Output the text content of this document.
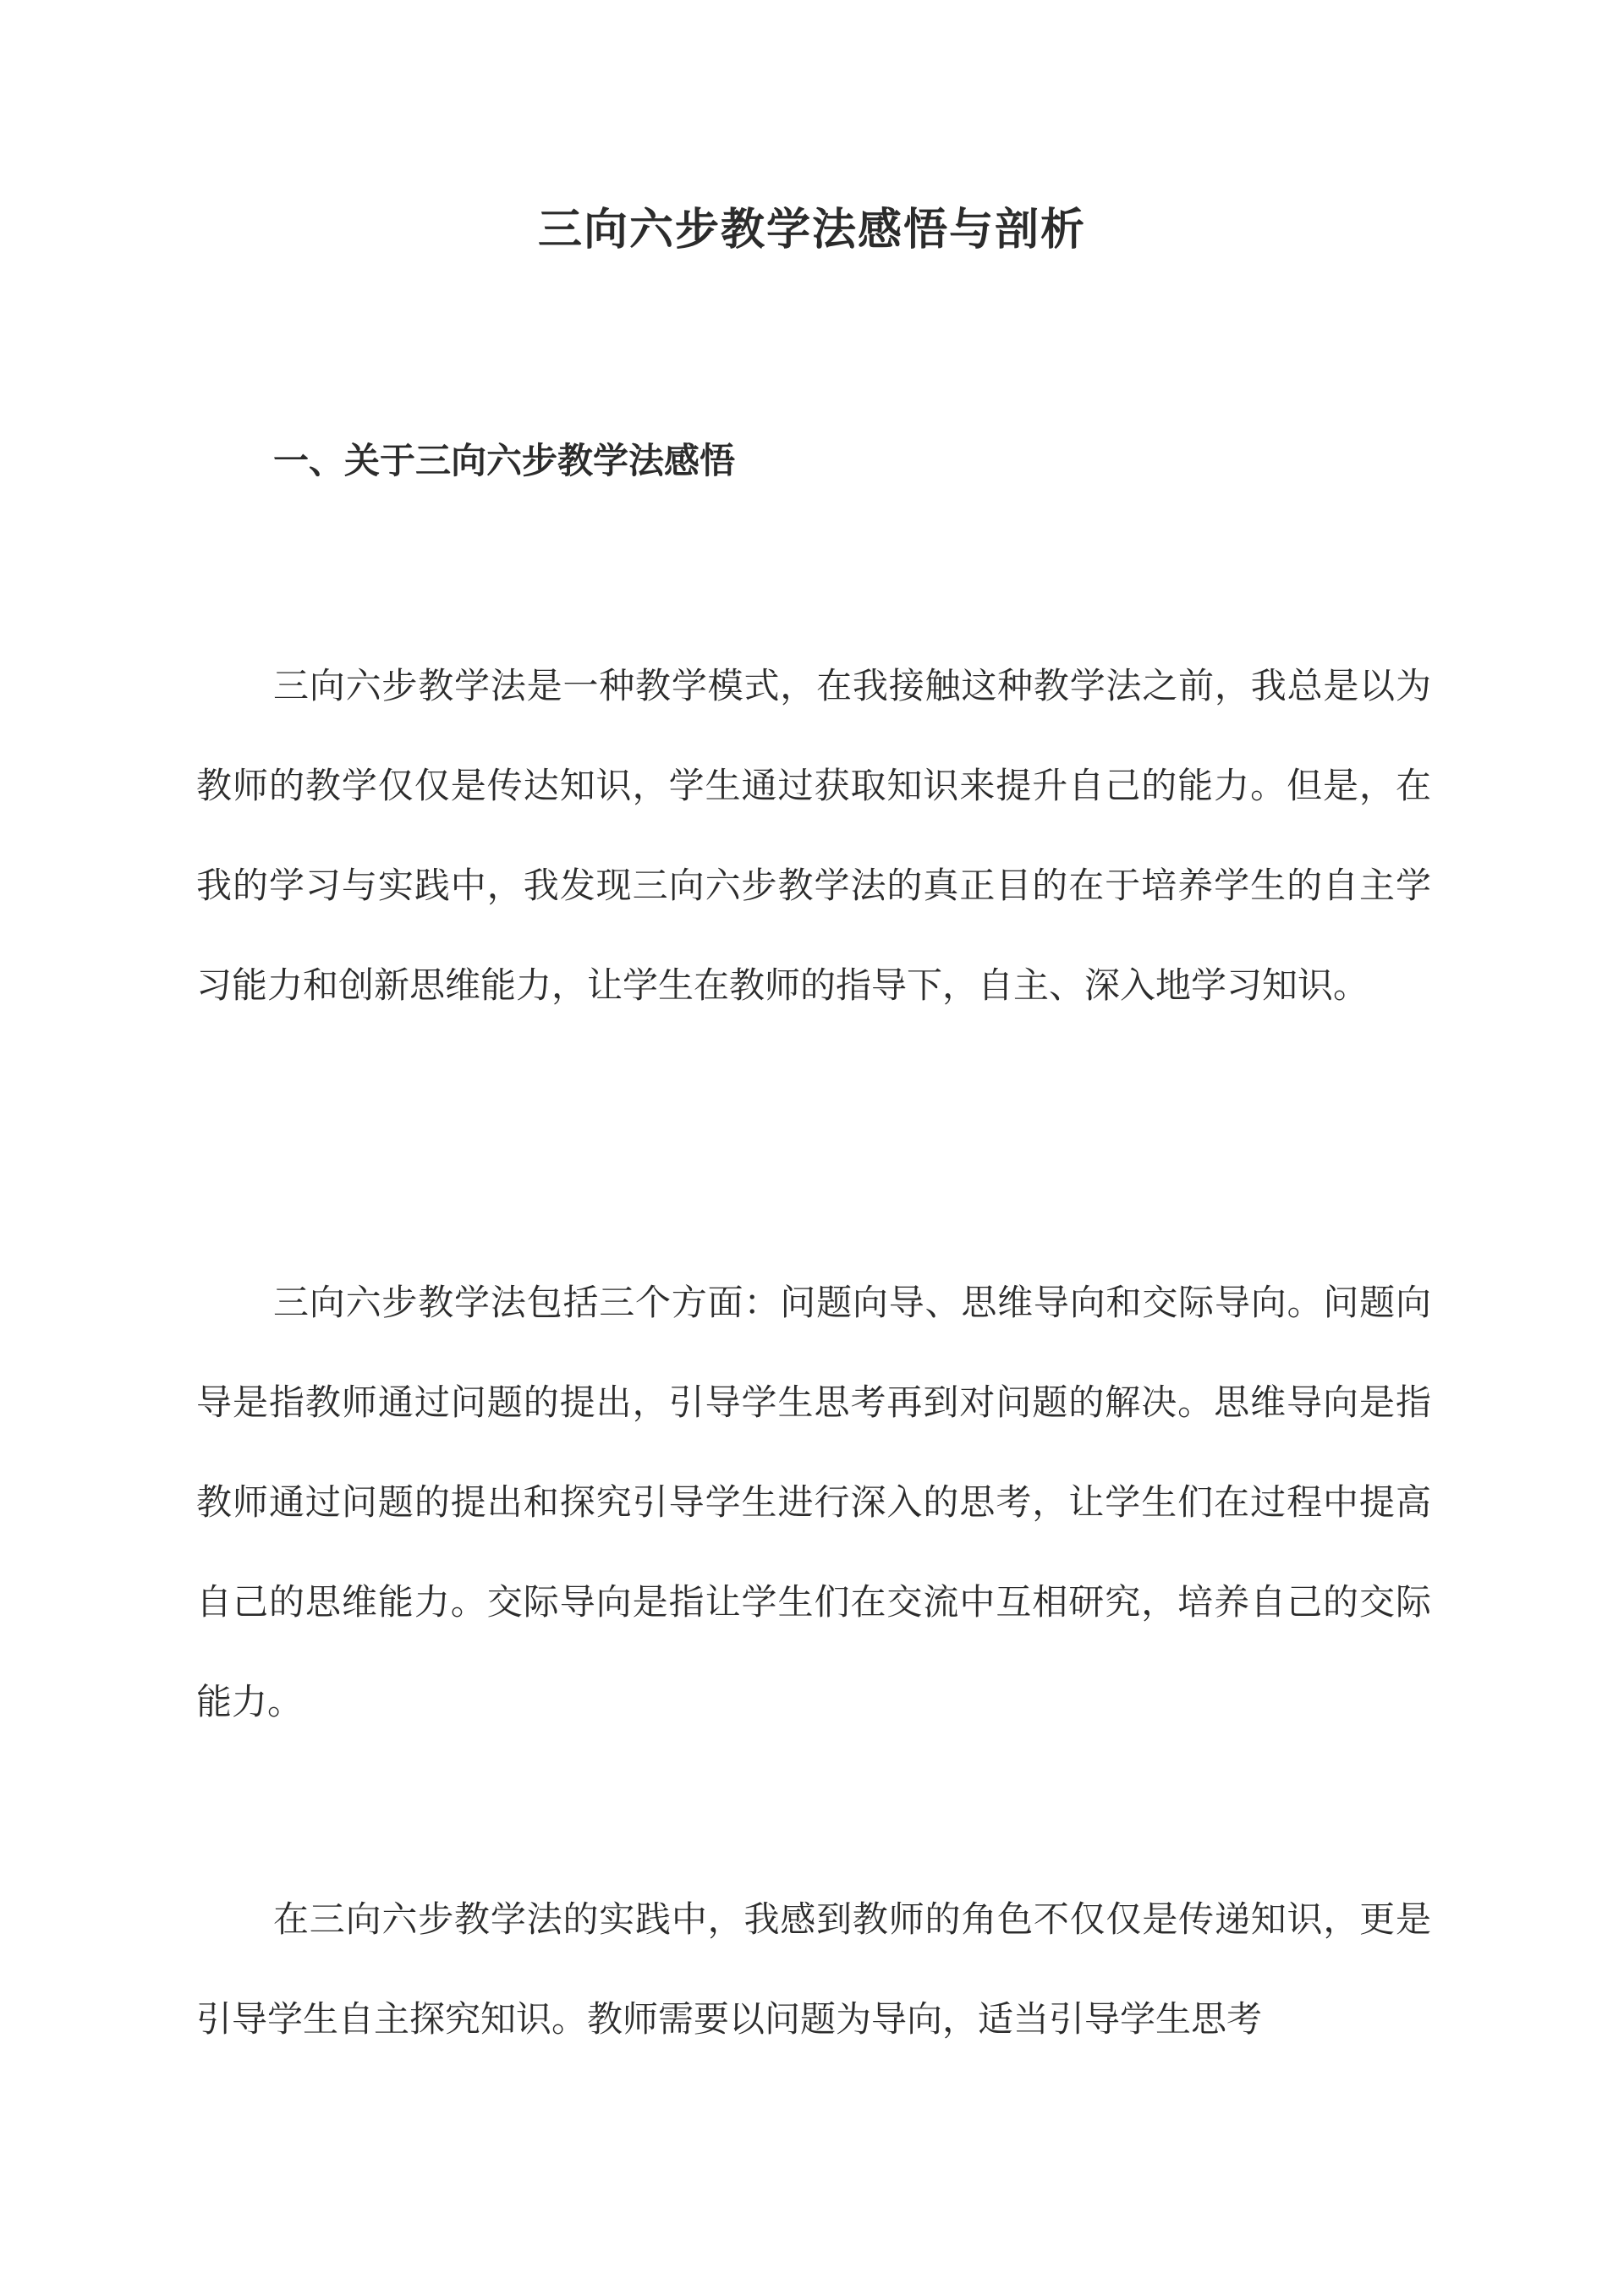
三向六步教学法感悟与剖析
一、关于三向六步教学法感悟

三向六步教学法是一种教学模式，在我接触这种教学法之前，我总是以为教师的教学仅仅是传达知识，学生通过获取知识来提升自己的能力。但是，在我的学习与实践中，我发现三向六步教学法的真正目的在于培养学生的自主学习能力和创新思维能力，让学生在教师的指导下，自主、深入地学习知识。

三向六步教学法包括三个方面：问题向导、思维导向和交际导向。问题向导是指教师通过问题的提出，引导学生思考再到对问题的解决。思维导向是指教师通过问题的提出和探究引导学生进行深入的思考，让学生们在过程中提高自己的思维能力。交际导向是指让学生们在交流中互相研究，培养自己的交际能力。

在三向六步教学法的实践中，我感到教师的角色不仅仅是传递知识，更是引导学生自主探究知识。教师需要以问题为导向，适当引导学生思考
